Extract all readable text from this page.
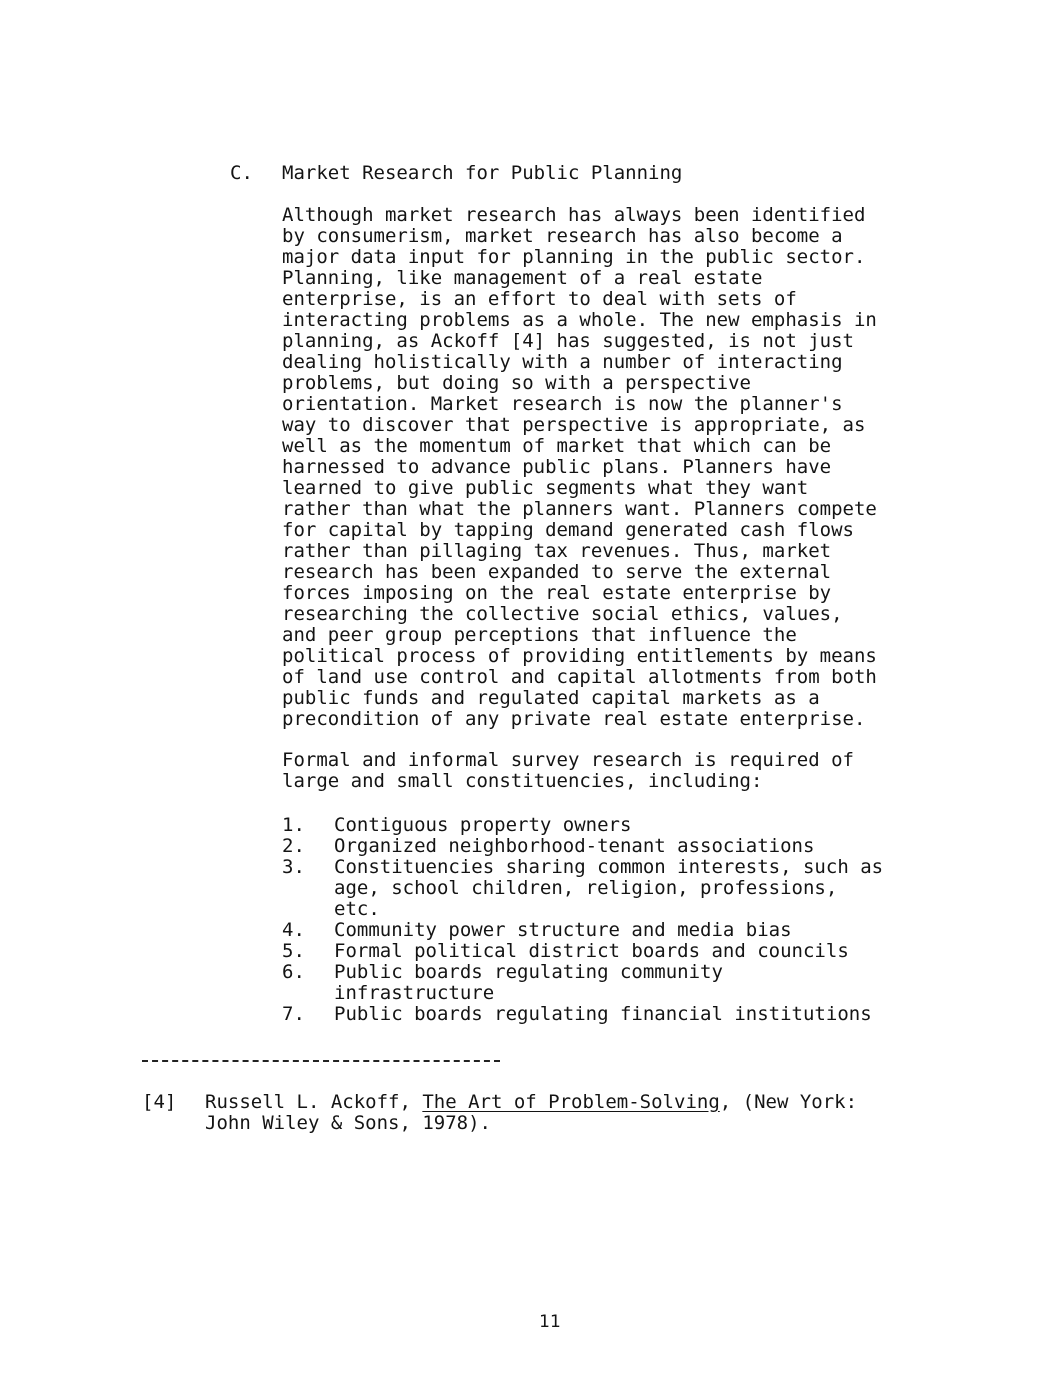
C. Market Research for Public Planning
Although market research has always been identified
by consumerism, market research has also become a
major data input for planning in the public sector.
Planning, like management of a real estate
enterprise, is an effort to deal with sets of
interacting problems as a whole. The new emphasis in
planning, as Ackoff [4] has suggested, is not just
dealing holistically with a number of interacting
problems, but doing so with a perspective
orientation. Market research is now the planner's
way to discover that perspective is appropriate, as
well as the momentum of market that which can be
harnessed to advance public plans. Planners have
learned to give public segments what they want
rather than what the planners want. Planners compete
for capital by tapping demand generated cash flows
rather than pillaging tax revenues. Thus, market
research has been expanded to serve the external
forces imposing on the real estate enterprise by
researching the collective social ethics, values,
and peer group perceptions that influence the
political process of providing entitlements by means
of land use control and capital allotments from both
public funds and regulated capital markets as a
precondition of any private real estate enterprise.
Formal and informal survey research is required of
large and small constituencies, including:
1. Contiguous property owners
2. Organized neighborhood-tenant associations
3. Constituencies sharing common interests, such as
age, school children, religion, professions,
etc.
4. Community power structure and media bias
5. Formal political district boards and councils
6. Public boards regulating community
infrastructure
7. Public boards regulating financial institutions
[4] Russell L. Ackoff, The Art of Problem-Solving, (New York:
John Wiley & Sons, 1978).
11
